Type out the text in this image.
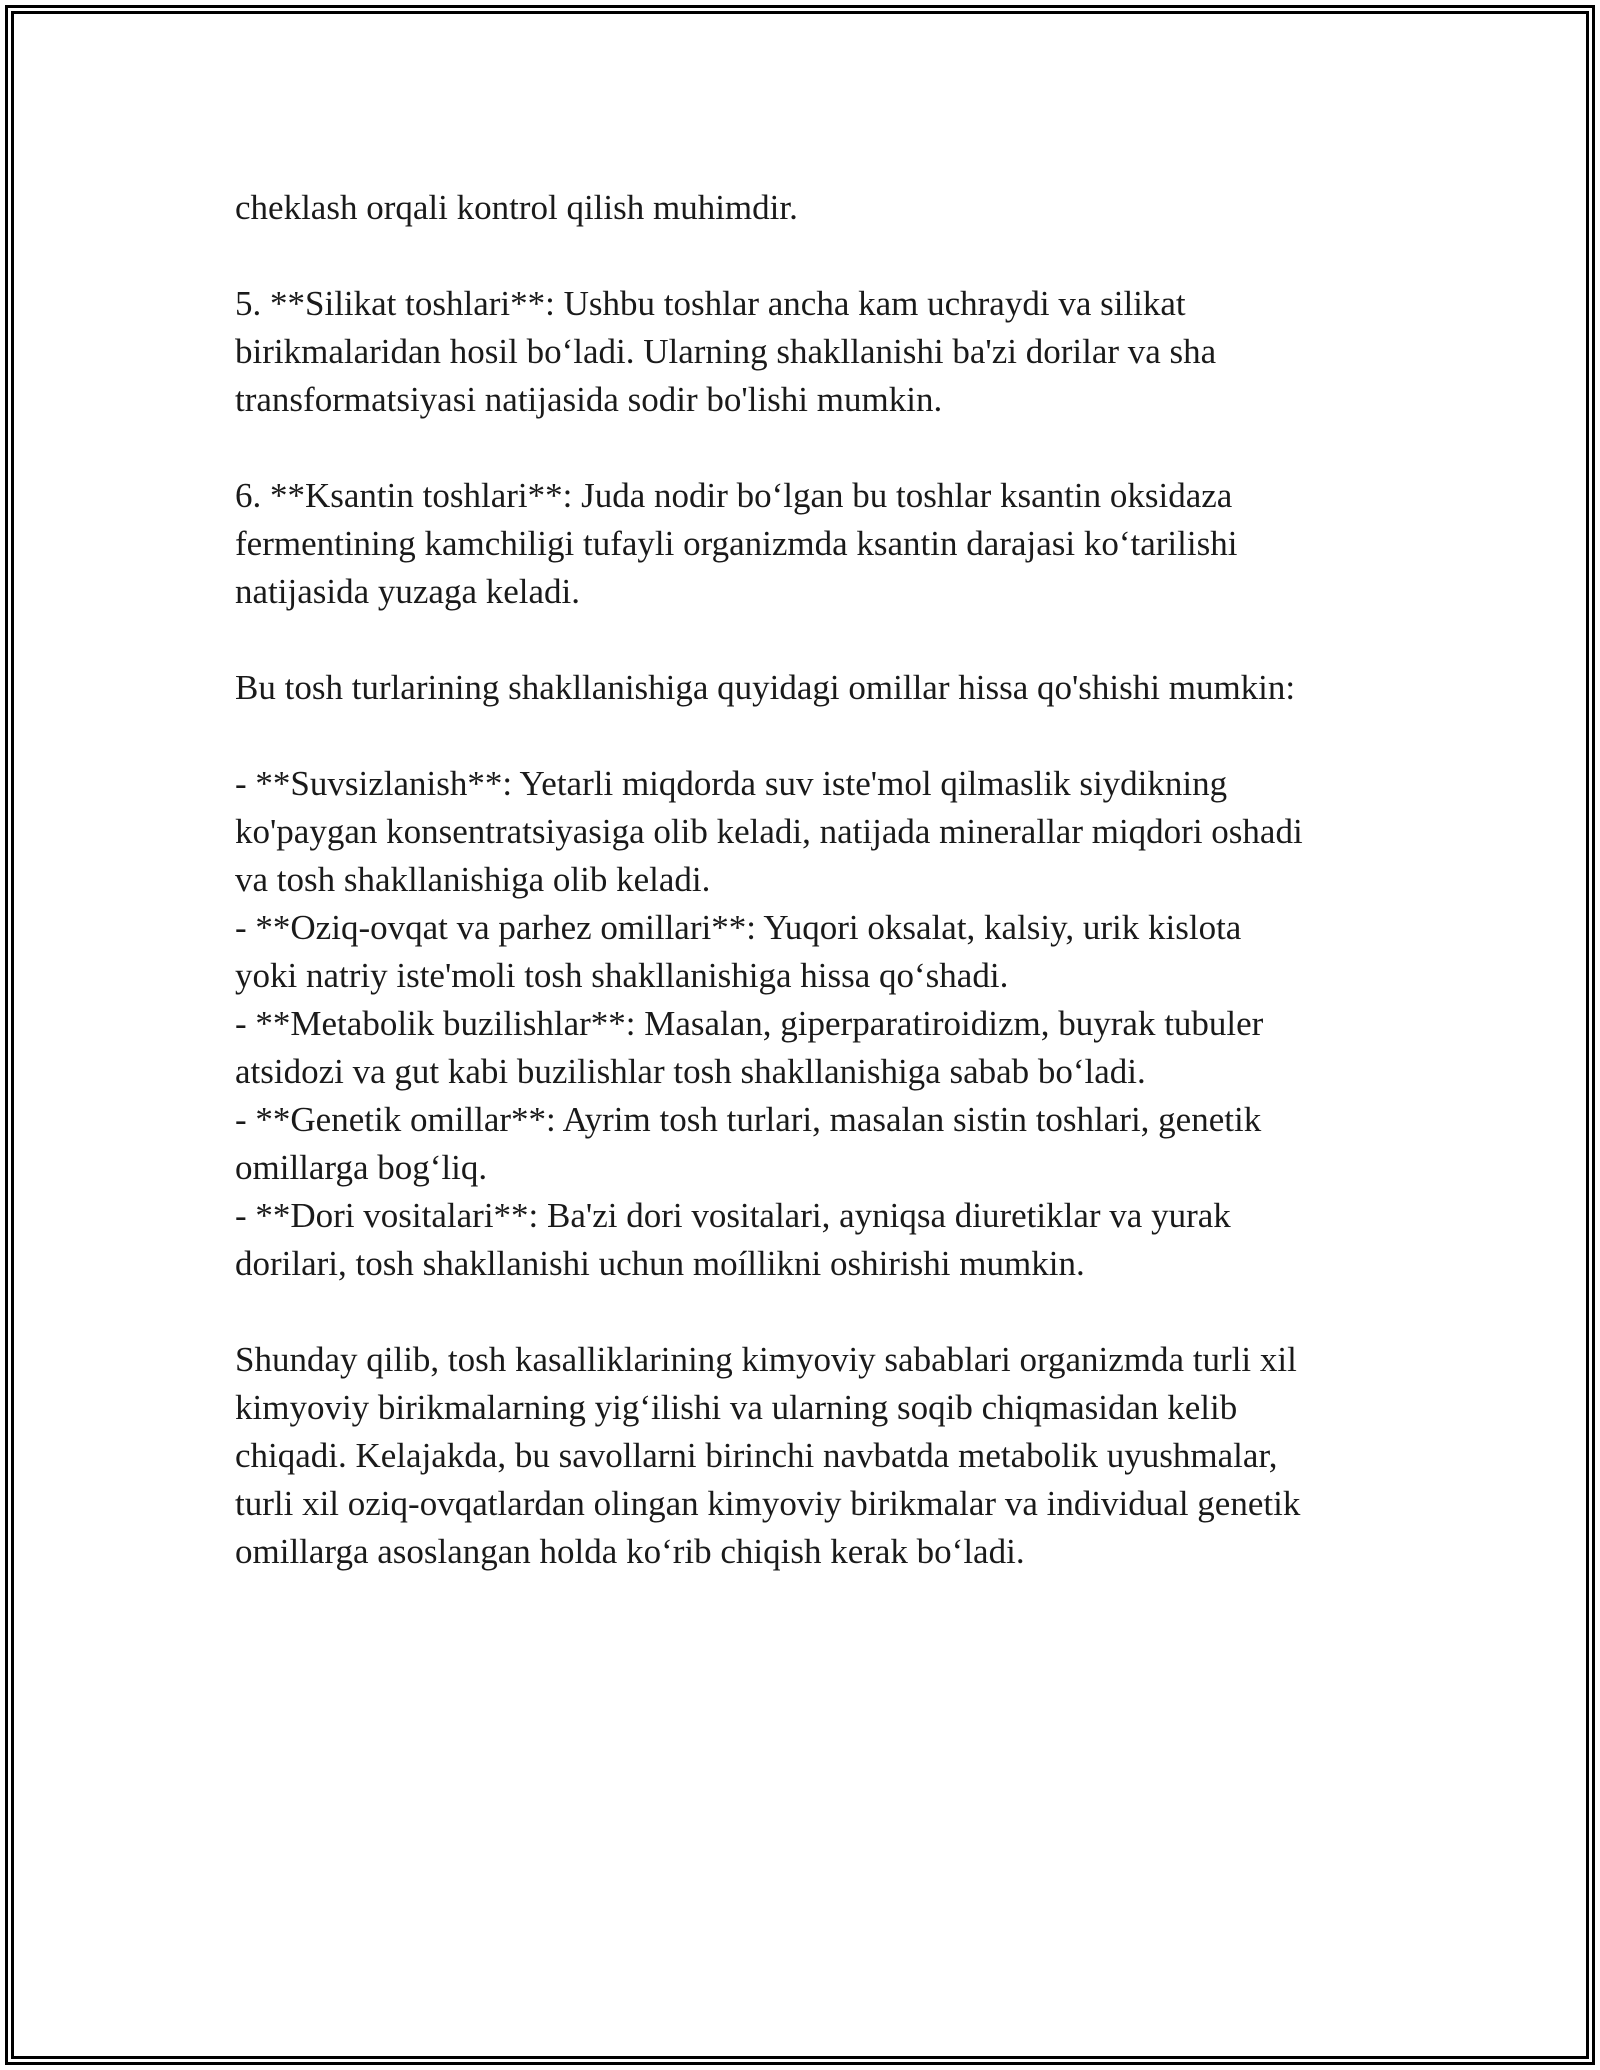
cheklash orqali kontrol qilish muhimdir.
5. **Silikat toshlari**: Ushbu toshlar ancha kam uchraydi va silikat
birikmalaridan hosil bo‘ladi. Ularning shakllanishi ba'zi dorilar va sha
transformatsiyasi natijasida sodir bo'lishi mumkin.
6. **Ksantin toshlari**: Juda nodir bo‘lgan bu toshlar ksantin oksidaza
fermentining kamchiligi tufayli organizmda ksantin darajasi ko‘tarilishi
natijasida yuzaga keladi.
Bu tosh turlarining shakllanishiga quyidagi omillar hissa qo'shishi mumkin:
- **Suvsizlanish**: Yetarli miqdorda suv iste'mol qilmaslik siydikning
ko'paygan konsentratsiyasiga olib keladi, natijada minerallar miqdori oshadi
va tosh shakllanishiga olib keladi.
- **Oziq-ovqat va parhez omillari**: Yuqori oksalat, kalsiy, urik kislota
yoki natriy iste'moli tosh shakllanishiga hissa qo‘shadi.
- **Metabolik buzilishlar**: Masalan, giperparatiroidizm, buyrak tubuler
atsidozi va gut kabi buzilishlar tosh shakllanishiga sabab bo‘ladi.
- **Genetik omillar**: Ayrim tosh turlari, masalan sistin toshlari, genetik
omillarga bog‘liq.
- **Dori vositalari**: Ba'zi dori vositalari, ayniqsa diuretiklar va yurak
dorilari, tosh shakllanishi uchun moíllikni oshirishi mumkin.
Shunday qilib, tosh kasalliklarining kimyoviy sabablari organizmda turli xil
kimyoviy birikmalarning yig‘ilishi va ularning soqib chiqmasidan kelib
chiqadi. Kelajakda, bu savollarni birinchi navbatda metabolik uyushmalar,
turli xil oziq-ovqatlardan olingan kimyoviy birikmalar va individual genetik
omillarga asoslangan holda ko‘rib chiqish kerak bo‘ladi.
